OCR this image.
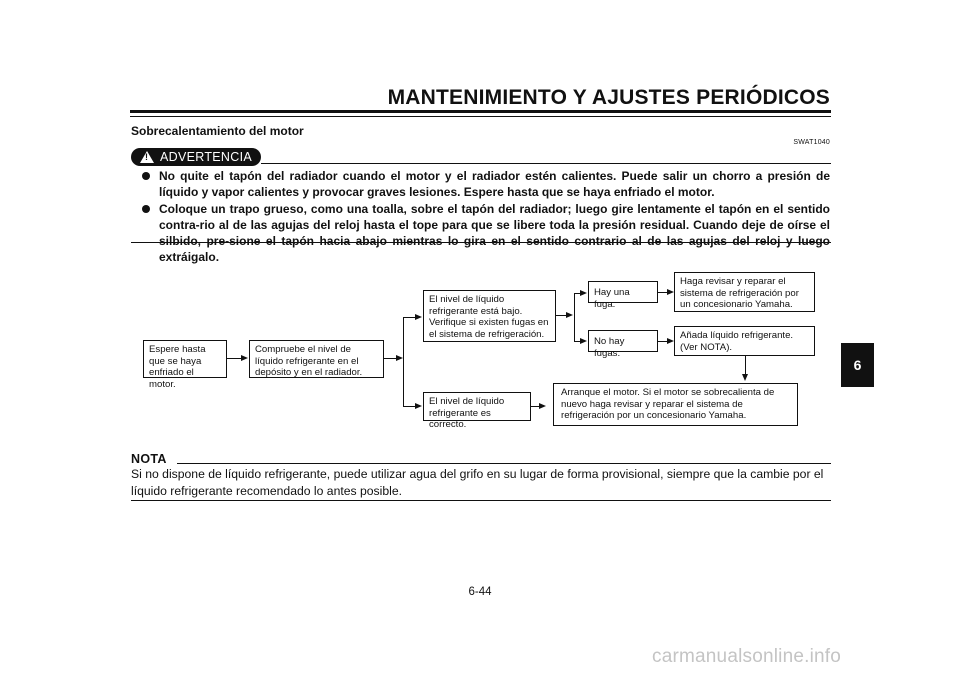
MANTENIMIENTO Y AJUSTES PERIÓDICOS
Sobrecalentamiento del motor
SWAT1040
!
ADVERTENCIA
No quite el tapón del radiador cuando el motor y el radiador estén calientes. Puede salir un chorro a presión de líquido y vapor calientes y provocar graves lesiones. Espere hasta que se haya enfriado el motor.
Coloque un trapo grueso, como una toalla, sobre el tapón del radiador; luego gire lentamente el tapón en el sentido contra-rio al de las agujas del reloj hasta el tope para que se libere toda la presión residual. Cuando deje de oírse el extráigalo.
Espere hasta que se haya enfriado el motor.
Compruebe el nivel de líquido refrigerante en el depósito y en el radiador.
El nivel de líquido refrigerante está bajo. Verifique si existen fugas en el sistema de refrigeración.
El nivel de líquido refrigerante es correcto.
Hay una fuga.
No hay fugas.
Haga revisar y reparar el sistema de refrigeración por un concesionario Yamaha.
Añada líquido refrigerante. (Ver NOTA).
Arranque el motor. Si el motor se sobrecalienta de nuevo haga revisar y reparar el sistema de refrigeración por un concesionario Yamaha.
NOTA
Si no dispone de líquido refrigerante, puede utilizar agua del grifo en su lugar de forma provisional, siempre que la cambie por el líquido refrigerante recomendado lo antes posible.
6
6-44
carmanualsonline.info
